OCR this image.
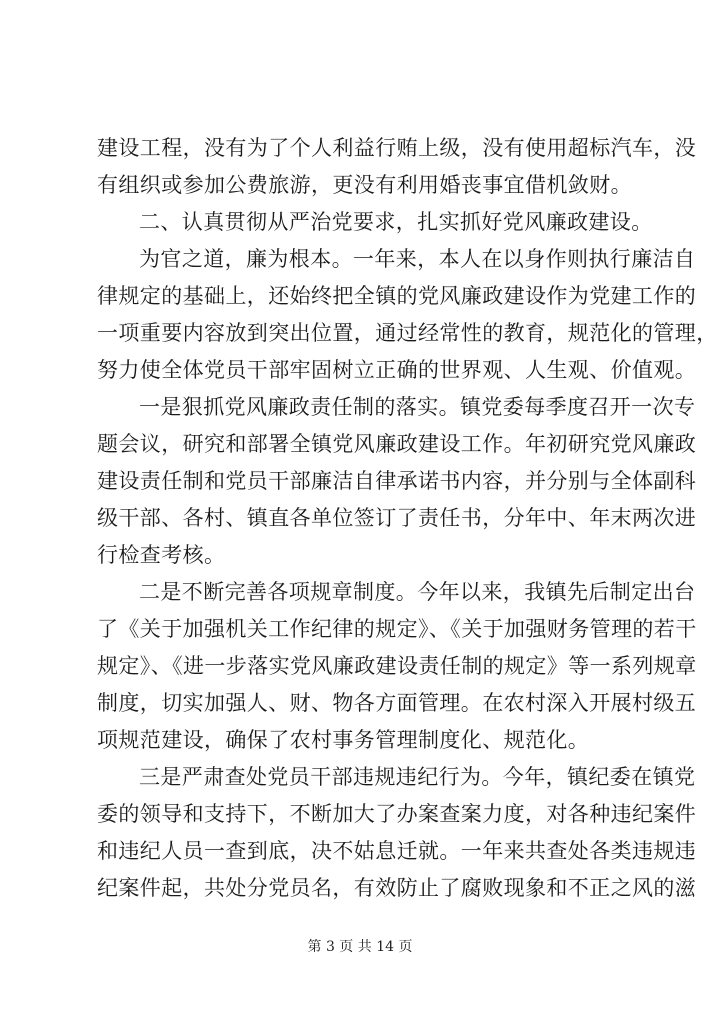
建设工程，没有为了个人利益行贿上级，没有使用超标汽车，没
有组织或参加公费旅游，更没有利用婚丧事宜借机敛财。
二、认真贯彻从严治党要求，扎实抓好党风廉政建设。
为官之道，廉为根本。一年来，本人在以身作则执行廉洁自
律规定的基础上，还始终把全镇的党风廉政建设作为党建工作的
一项重要内容放到突出位置，通过经常性的教育，规范化的管理，
努力使全体党员干部牢固树立正确的世界观、人生观、价值观。
一是狠抓党风廉政责任制的落实。镇党委每季度召开一次专
题会议，研究和部署全镇党风廉政建设工作。年初研究党风廉政
建设责任制和党员干部廉洁自律承诺书内容，并分别与全体副科
级干部、各村、镇直各单位签订了责任书，分年中、年末两次进
行检查考核。
二是不断完善各项规章制度。今年以来，我镇先后制定出台
了《关于加强机关工作纪律的规定》、《关于加强财务管理的若干
规定》、《进一步落实党风廉政建设责任制的规定》等一系列规章
制度，切实加强人、财、物各方面管理。在农村深入开展村级五
项规范建设，确保了农村事务管理制度化、规范化。
三是严肃查处党员干部违规违纪行为。今年，镇纪委在镇党
委的领导和支持下，不断加大了办案查案力度，对各种违纪案件
和违纪人员一查到底，决不姑息迁就。一年来共查处各类违规违
纪案件起，共处分党员名，有效防止了腐败现象和不正之风的滋
第 3 页 共 14 页
